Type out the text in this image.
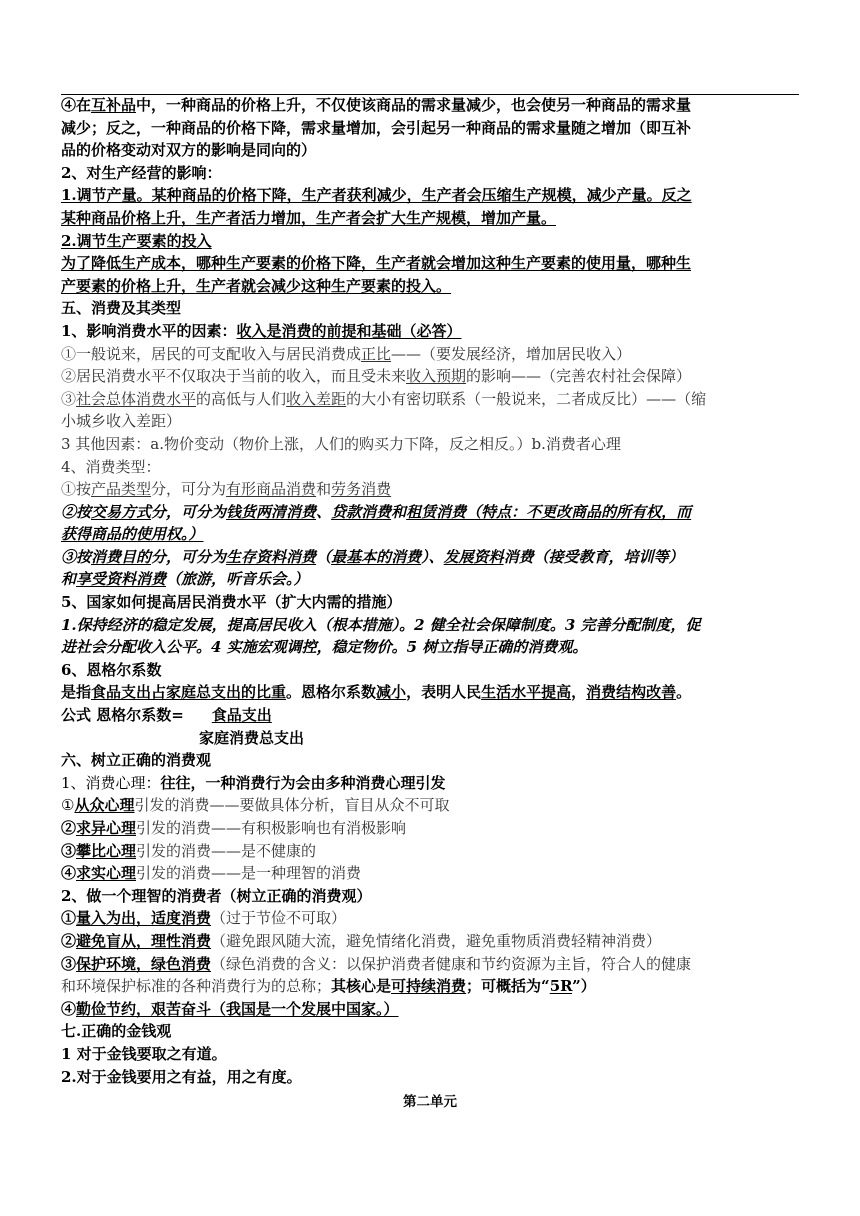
④在互补品中，一种商品的价格上升，不仅使该商品的需求量减少，也会使另一种商品的需求量
减少；反之，一种商品的价格下降，需求量增加，会引起另一种商品的需求量随之增加（即互补
品的价格变动对双方的影响是同向的）
2、对生产经营的影响：
1.调节产量。某种商品的价格下降，生产者获利减少，生产者会压缩生产规模，减少产量。反之
某种商品价格上升，生产者活力增加，生产者会扩大生产规模，增加产量。
2.调节生产要素的投入
为了降低生产成本，哪种生产要素的价格下降，生产者就会增加这种生产要素的使用量，哪种生
产要素的价格上升，生产者就会减少这种生产要素的投入。
五、消费及其类型
1、影响消费水平的因素：收入是消费的前提和基础（必答）
①一般说来，居民的可支配收入与居民消费成正比——（要发展经济，增加居民收入）
②居民消费水平不仅取决于当前的收入，而且受未来收入预期的影响——（完善农村社会保障）
③社会总体消费水平的高低与人们收入差距的大小有密切联系（一般说来，二者成反比）——（缩
小城乡收入差距）
3 其他因素：a.物价变动（物价上涨，人们的购买力下降，反之相反。）b.消费者心理
4、消费类型：
①按产品类型分，可分为有形商品消费和劳务消费
②按交易方式分，可分为钱货两清消费、贷款消费和租赁消费（特点：不更改商品的所有权，而
获得商品的使用权。）
③按消费目的分，可分为生存资料消费（最基本的消费）、发展资料消费（接受教育，培训等）
和享受资料消费（旅游，听音乐会。）
5、国家如何提高居民消费水平（扩大内需的措施）
1.保持经济的稳定发展，提高居民收入（根本措施）。2 健全社会保障制度。3 完善分配制度，促
进社会分配收入公平。4 实施宏观调控，稳定物价。5 树立指导正确的消费观。
6、恩格尔系数
是指食品支出占家庭总支出的比重。恩格尔系数减小，表明人民生活水平提高，消费结构改善。
公式 恩格尔系数= 食品支出
家庭消费总支出
六、树立正确的消费观
1、消费心理：往往，一种消费行为会由多种消费心理引发
①从众心理引发的消费——要做具体分析，盲目从众不可取
②求异心理引发的消费——有积极影响也有消极影响
③攀比心理引发的消费——是不健康的
④求实心理引发的消费——是一种理智的消费
2、做一个理智的消费者（树立正确的消费观）
①量入为出，适度消费（过于节俭不可取）
②避免盲从，理性消费（避免跟风随大流，避免情绪化消费，避免重物质消费轻精神消费）
③保护环境，绿色消费（绿色消费的含义：以保护消费者健康和节约资源为主旨，符合人的健康
和环境保护标准的各种消费行为的总称；其核心是可持续消费；可概括为“5R”）
④勤俭节约，艰苦奋斗（我国是一个发展中国家。）
七.正确的金钱观
1 对于金钱要取之有道。
2.对于金钱要用之有益，用之有度。
第二单元
